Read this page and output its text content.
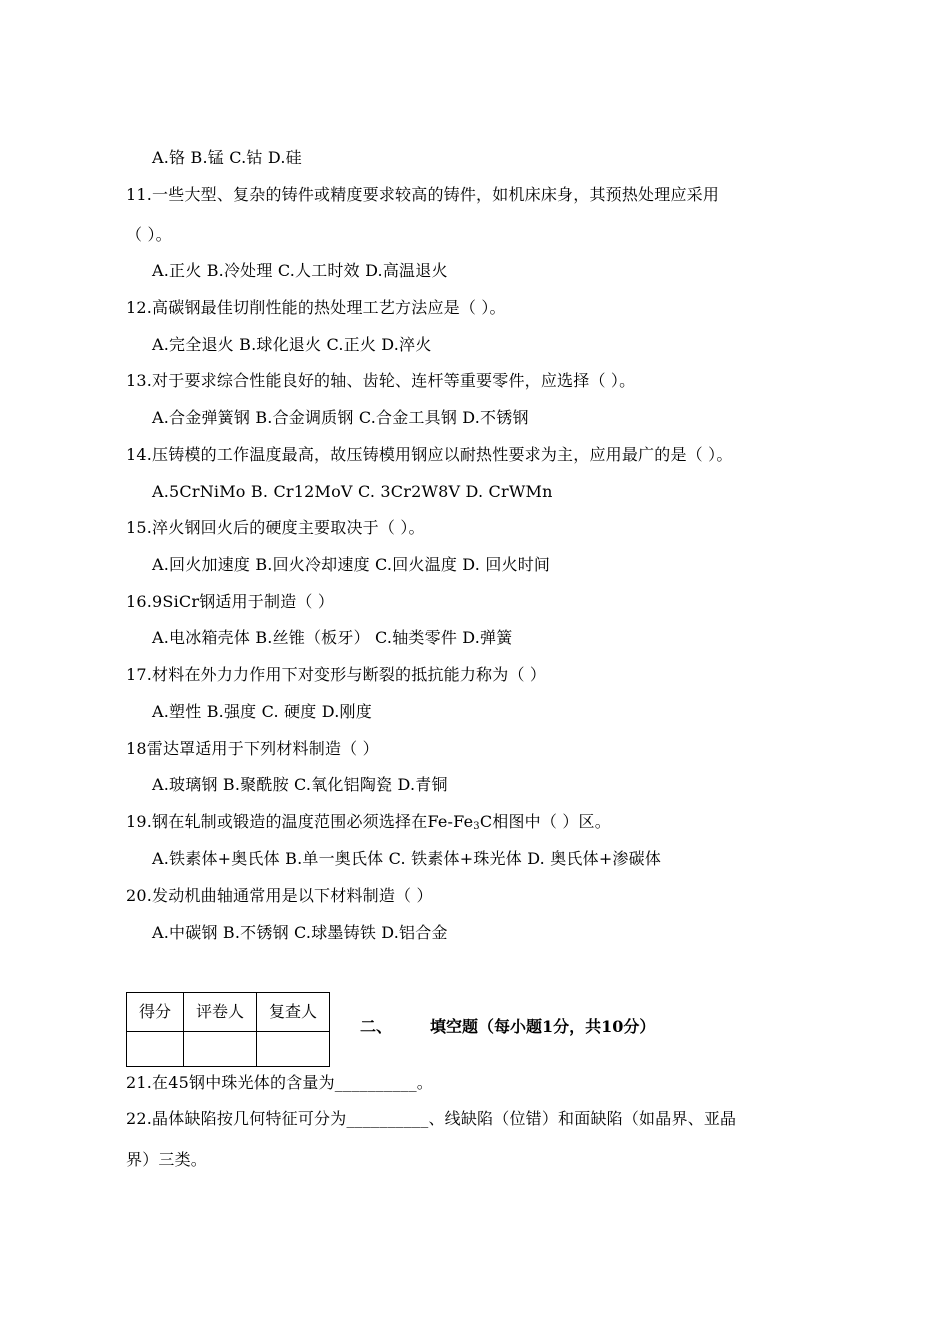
A.铬 B.锰 C.钴 D.硅
11.一些大型、复杂的铸件或精度要求较高的铸件，如机床床身，其预热处理应采用
（ ）。
A.正火 B.冷处理 C.人工时效 D.高温退火
12.高碳钢最佳切削性能的热处理工艺方法应是（ ）。
A.完全退火 B.球化退火 C.正火 D.淬火
13.对于要求综合性能良好的轴、齿轮、连杆等重要零件，应选择（ ）。
A.合金弹簧钢 B.合金调质钢 C.合金工具钢 D.不锈钢
14.压铸模的工作温度最高，故压铸模用钢应以耐热性要求为主，应用最广的是（ ）。
A.5CrNiMo B. Cr12MoV C. 3Cr2W8V D. CrWMn
15.淬火钢回火后的硬度主要取决于（ ）。
A.回火加速度 B.回火冷却速度 C.回火温度 D. 回火时间
16.9SiCr钢适用于制造（ ）
A.电冰箱壳体 B.丝锥（板牙） C.轴类零件 D.弹簧
17.材料在外力力作用下对变形与断裂的抵抗能力称为（ ）
A.塑性 B.强度 C. 硬度 D.刚度
18雷达罩适用于下列材料制造（ ）
A.玻璃钢 B.聚酰胺 C.氧化铝陶瓷 D.青铜
19.钢在轧制或锻造的温度范围必须选择在$Fe-Fe_3C$相图中（ ）区。
A.铁素体+奥氏体 B.单一奥氏体 C. 铁素体+珠光体 D. 奥氏体+渗碳体
20.发动机曲轴通常用是以下材料制造（ ）
A.中碳钢 B.不锈钢 C.球墨铸铁 D.铝合金
得分	评卷人	复查人

二、 填空题（每小题1分，共10分）
21.在45钢中珠光体的含量为__________。
22.晶体缺陷按几何特征可分为__________、线缺陷（位错）和面缺陷（如晶界、亚晶
界）三类。
